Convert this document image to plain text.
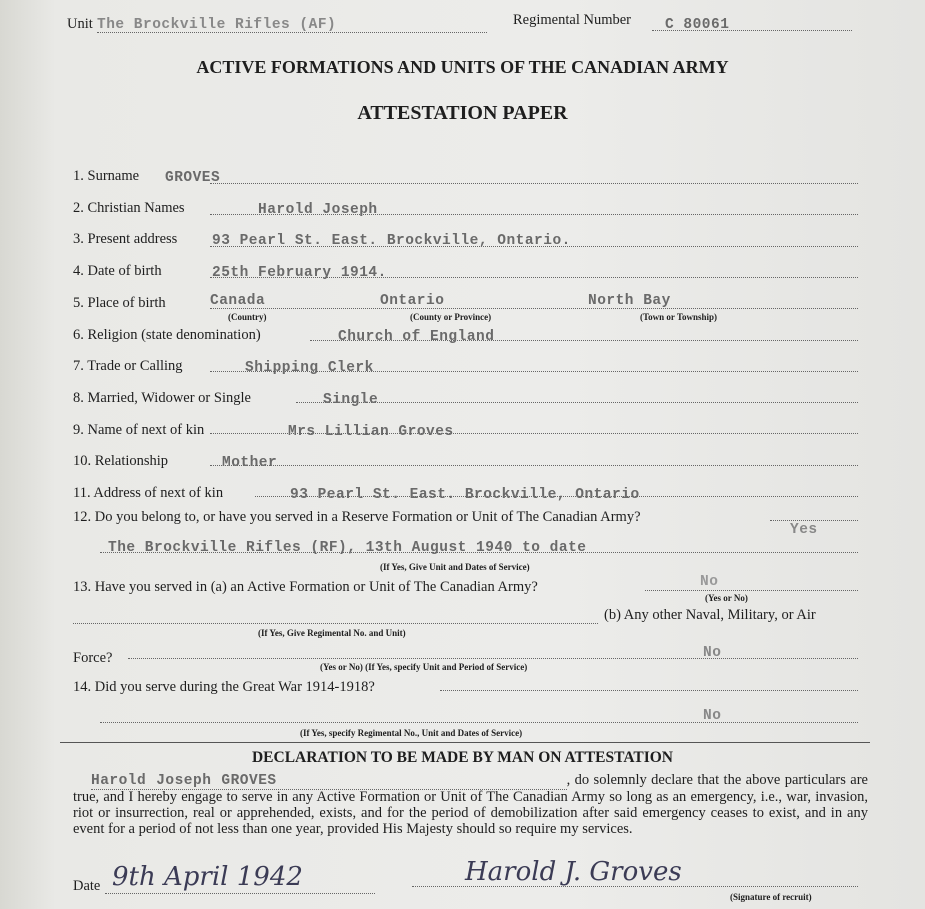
Unit The Brockville Rifles (AF)	Regimental Number C 80061
ACTIVE FORMATIONS AND UNITS OF THE CANADIAN ARMY
ATTESTATION PAPER
1. Surname GROVES
2. Christian Names	Harold Joseph
3. Present address 93 Pearl St. East. Brockville, Ontario.
4. Date of birth	25th February 1914.
5. Place of birth	Canada	Ontario	North Bay
(Country)	(County or Province)	(Town or Township)
6. Religion (state denomination)	Church of England
7. Trade or Calling	Shipping Clerk
8. Married, Widower or Single	Single
9. Name of next of kin	Mrs Lillian Groves
10. Relationship	Mother
11. Address of next of kin	93 Pearl St. East. Brockville, Ontario
12. Do you belong to, or have you served in a Reserve Formation or Unit of The Canadian Army?
Yes
The Brockville Rifles (RF), 13th August 1940 to date
(If Yes, Give Unit and Dates of Service)
13. Have you served in (a) an Active Formation or Unit of The Canadian Army?	No
(Yes or No)
(b) Any other Naval, Military, or Air
(If Yes, Give Regimental No. and Unit)
Force?	No
(Yes or No) (If Yes, specify Unit and Period of Service)
14. Did you serve during the Great War 1914-1918?
No
(If Yes, specify Regimental No., Unit and Dates of Service)
DECLARATION TO BE MADE BY MAN ON ATTESTATION
Harold Joseph GROVES	, do solemnly declare that the above particulars are true, and I hereby engage to serve in any Active Formation or Unit of The Canadian Army so long as an emergency, i.e., war, invasion, riot or insurrection, real or apprehended, exists, and for the period of demobilization after said emergency ceases to exist, and in any event for a period of not less than one year, provided His Majesty should so require my services.
Date 9th April 1942	Harold J. Groves
(Signature of recruit)
